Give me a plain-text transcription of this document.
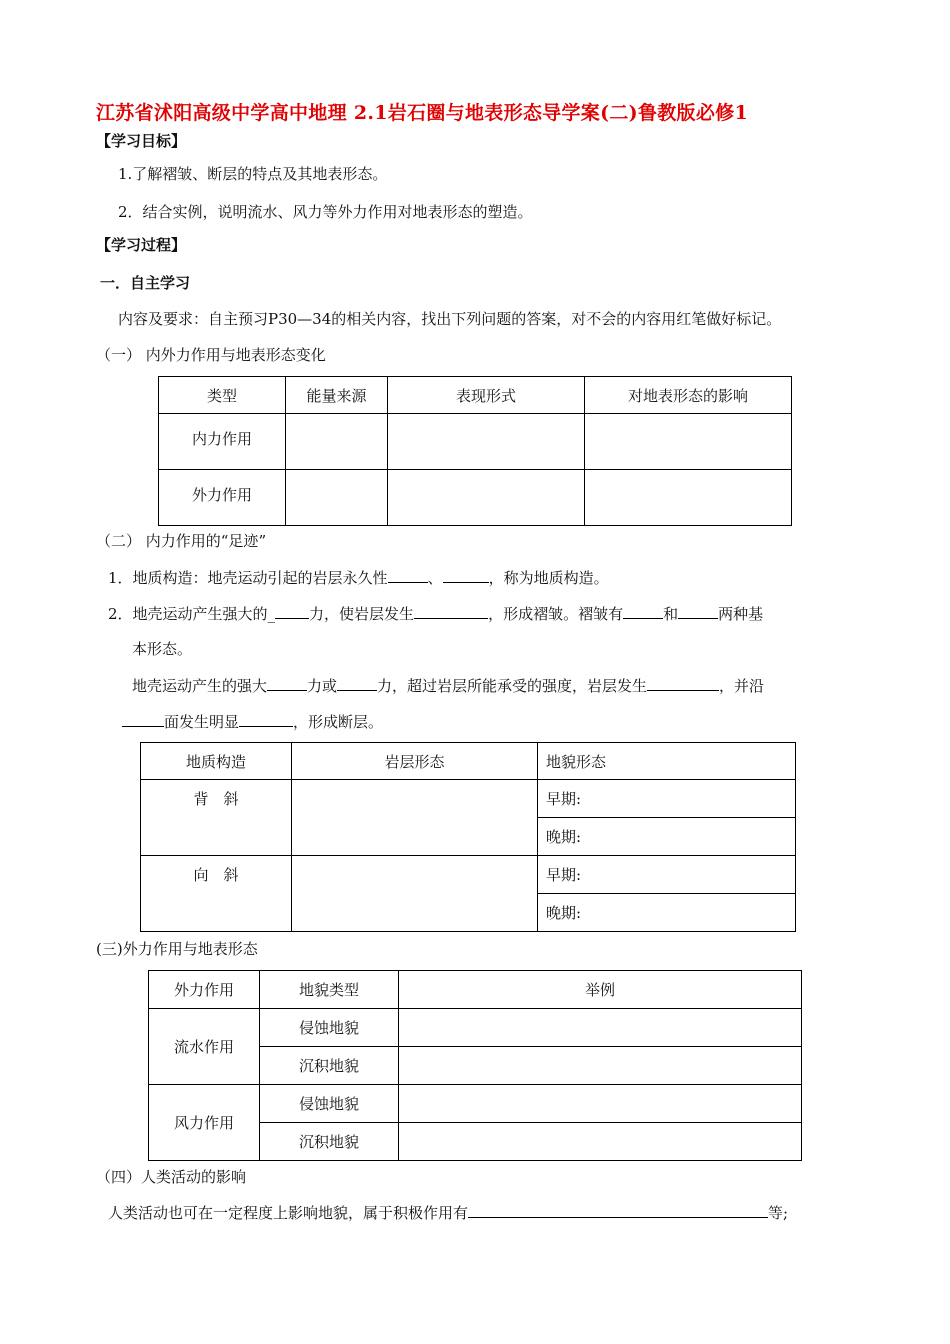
江苏省沭阳高级中学高中地理 2.1岩石圈与地表形态导学案(二)鲁教版必修1
【学习目标】
1.了解褶皱、断层的特点及其地表形态。
2．结合实例，说明流水、风力等外力作用对地表形态的塑造。
【学习过程】
一．自主学习
内容及要求：自主预习P30—34的相关内容，找出下列问题的答案，对不会的内容用红笔做好标记。
（一） 内外力作用与地表形态变化
类型	能量来源	表现形式	对地表形态的影响
内力作用			
外力作用			
（二） 内力作用的“足迹”
1．地质构造：地壳运动引起的岩层永久性	、	，称为地质构造。
2．地壳运动产生强大的_ 力，使岩层发生	，形成褶皱。褶皱有	和	两种基
本形态。
地壳运动产生的强大	力或	力，超过岩层所能承受的强度，岩层发生	，并沿
面发生明显	，形成断层。
地质构造	岩层形态	地貌形态
背　斜		早期:
		晚期:
向　斜		早期:
		晚期:
(三)外力作用与地表形态
外力作用	地貌类型	举例
流水作用	侵蚀地貌	
	沉积地貌	
风力作用	侵蚀地貌	
	沉积地貌	
（四）人类活动的影响
人类活动也可在一定程度上影响地貌，属于积极作用有	等;
